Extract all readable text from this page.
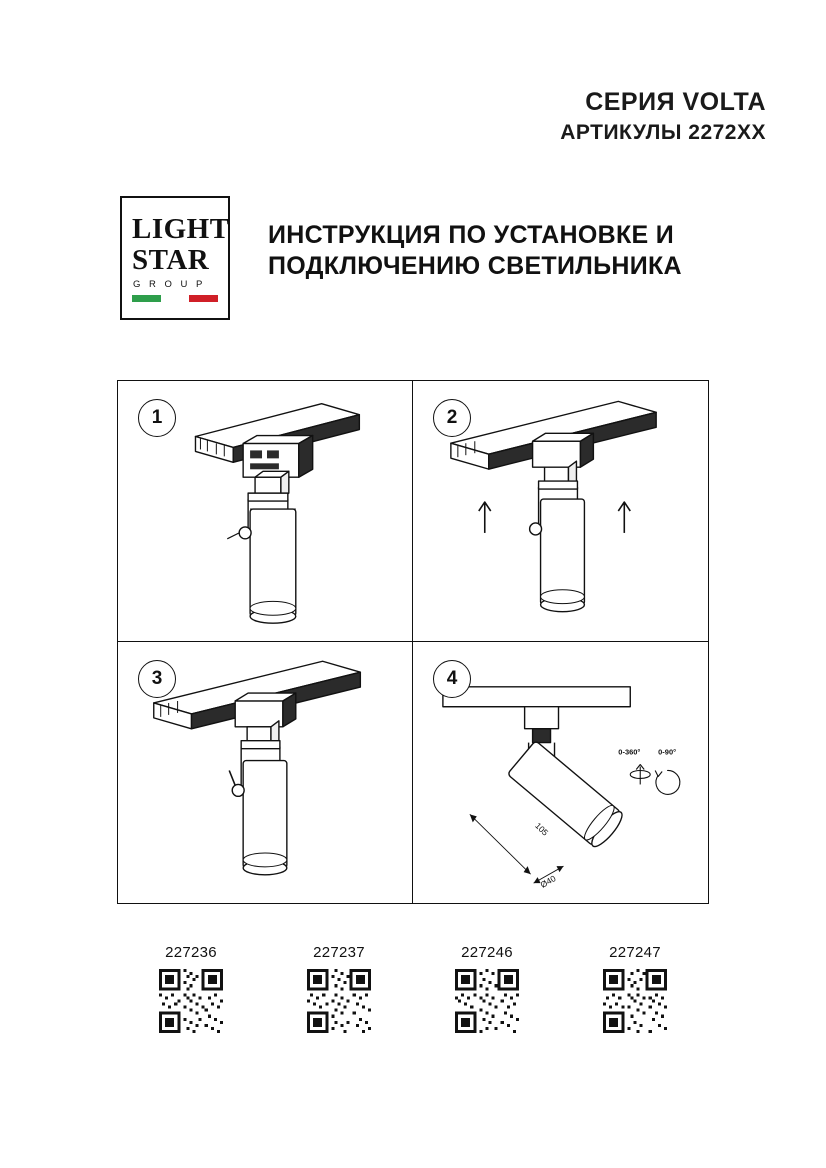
СЕРИЯ VOLTA
АРТИКУЛЫ 2272XX
LIGHT
STAR
G R O U P
ИНСТРУКЦИЯ ПО УСТАНОВКЕ И ПОДКЛЮЧЕНИЮ СВЕТИЛЬНИКА
1	2
3	4
105
Ø40
0-360° 0-90°
227236	227237	227246	227247
